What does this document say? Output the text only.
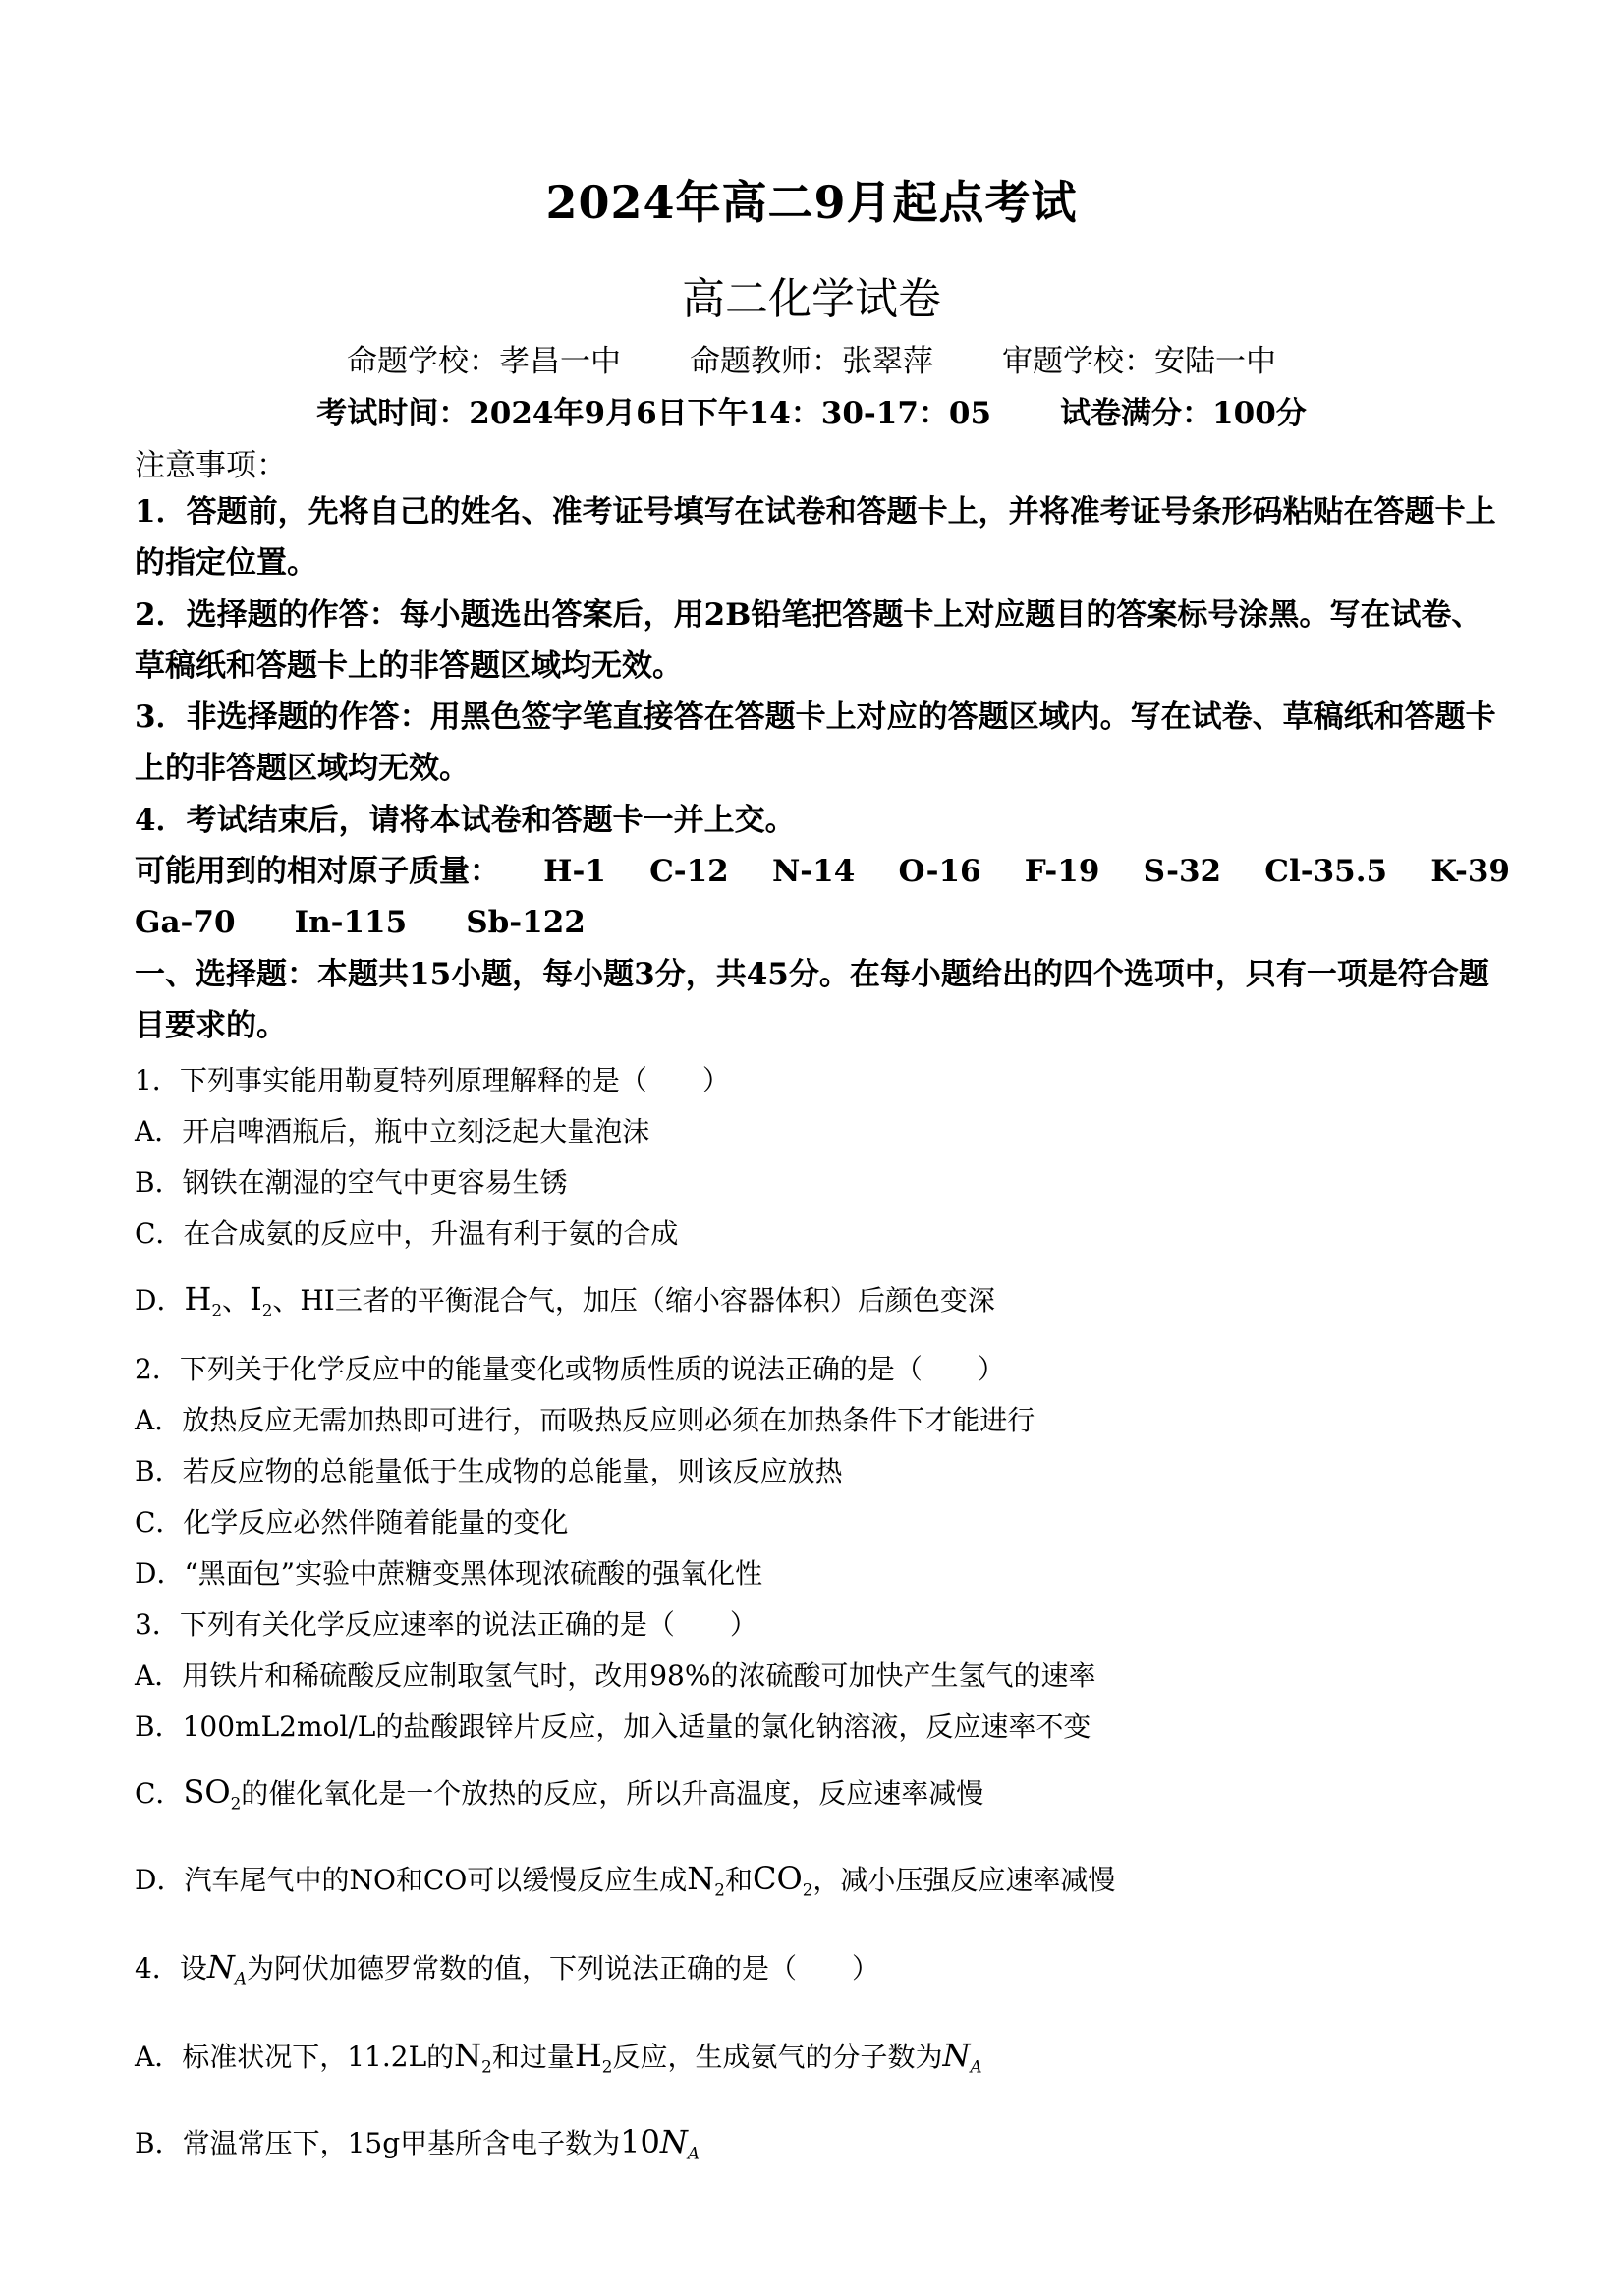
2024年高二9月起点考试
高二化学试卷
命题学校：孝昌一中 命题教师：张翠萍 审题学校：安陆一中
考试时间：2024年9月6日下午14：30-17：05 试卷满分：100分
注意事项：
1．答题前，先将自己的姓名、准考证号填写在试卷和答题卡上，并将准考证号条形码粘贴在答题卡上的指定位置。
2．选择题的作答：每小题选出答案后，用2B铅笔把答题卡上对应题目的答案标号涂黑。写在试卷、草稿纸和答题卡上的非答题区域均无效。
3．非选择题的作答：用黑色签字笔直接答在答题卡上对应的答题区域内。写在试卷、草稿纸和答题卡上的非答题区域均无效。
4．考试结束后，请将本试卷和答题卡一并上交。
可能用到的相对原子质量： H-1 C-12 N-14 O-16 F-19 S-32 Cl-35.5 K-39
Ga-70 In-115 Sb-122
一、选择题：本题共15小题，每小题3分，共45分。在每小题给出的四个选项中，只有一项是符合题目要求的。
1．下列事实能用勒夏特列原理解释的是（　　）
A．开启啤酒瓶后，瓶中立刻泛起大量泡沫
B．钢铁在潮湿的空气中更容易生锈
C．在合成氨的反应中，升温有利于氨的合成
D．$H_2$、$I_2$、HI三者的平衡混合气，加压（缩小容器体积）后颜色变深
2．下列关于化学反应中的能量变化或物质性质的说法正确的是（　　）
A．放热反应无需加热即可进行，而吸热反应则必须在加热条件下才能进行
B．若反应物的总能量低于生成物的总能量，则该反应放热
C．化学反应必然伴随着能量的变化
D．“黑面包”实验中蔗糖变黑体现浓硫酸的强氧化性
3．下列有关化学反应速率的说法正确的是（　　）
A．用铁片和稀硫酸反应制取氢气时，改用98%的浓硫酸可加快产生氢气的速率
B．100mL2mol/L的盐酸跟锌片反应，加入适量的氯化钠溶液，反应速率不变
C．$SO_2$的催化氧化是一个放热的反应，所以升高温度，反应速率减慢
D．汽车尾气中的NO和CO可以缓慢反应生成$N_2$和$CO_2$，减小压强反应速率减慢
4．设$N_A$为阿伏加德罗常数的值，下列说法正确的是（　　）
A．标准状况下，11.2L的$N_2$和过量$H_2$反应，生成氨气的分子数为$N_A$
B．常温常压下，15g甲基所含电子数为$10N_A$
